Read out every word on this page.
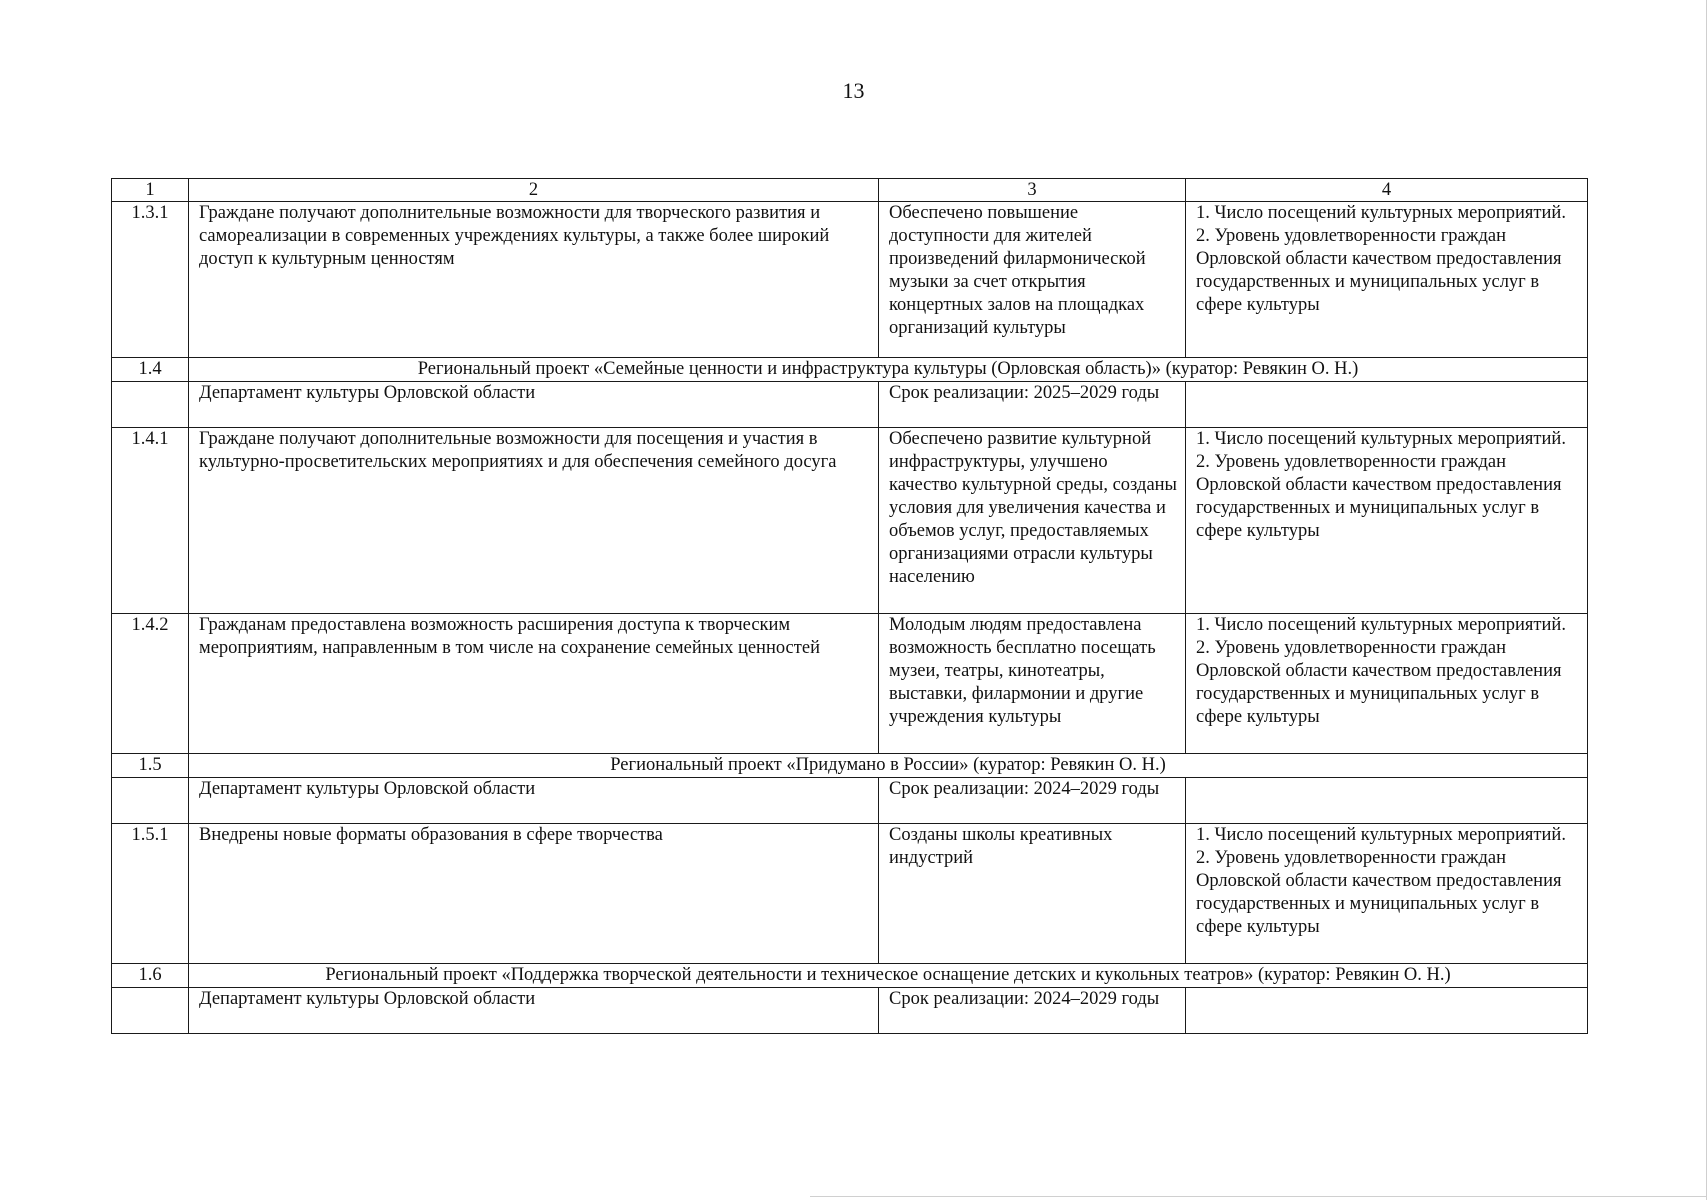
13
1	2	3	4
1.3.1	Граждане получают дополнительные возможности для творческого развития и самореализации в современных учреждениях культуры, а также более широкий доступ к культурным ценностям	Обеспечено повышение доступности для жителей произведений филармонической музыки за счет открытия концертных залов на площадках организаций культуры	1. Число посещений культурных мероприятий.
2. Уровень удовлетворенности граждан Орловской области качеством предоставления государственных и муниципальных услуг в сфере культуры

1.4	Региональный проект «Семейные ценности и инфраструктура культуры (Орловская область)» (куратор: Ревякин О. Н.)		
	Департамент культуры Орловской области	Срок реализации: 2025–2029 годы	
1.4.1	Граждане получают дополнительные возможности для посещения и участия в культурно-просветительских мероприятиях и для обеспечения семейного досуга	Обеспечено развитие культурной инфраструктуры, улучшено качество культурной среды, созданы условия для увеличения качества и объемов услуг, предоставляемых организациями отрасли культуры населению	1. Число посещений культурных мероприятий.
2. Уровень удовлетворенности граждан Орловской области качеством предоставления государственных и муниципальных услуг в сфере культуры

1.4.2	Гражданам предоставлена возможность расширения доступа к творческим мероприятиям, направленным в том числе на сохранение семейных ценностей	Молодым людям предоставлена возможность бесплатно посещать музеи, театры, кинотеатры, выставки, филармонии и другие учреждения культуры	1. Число посещений культурных мероприятий.
2. Уровень удовлетворенности граждан Орловской области качеством предоставления государственных и муниципальных услуг в сфере культуры

1.5	Региональный проект «Придумано в России» (куратор: Ревякин О. Н.)		
	Департамент культуры Орловской области	Срок реализации: 2024–2029 годы	
1.5.1	Внедрены новые форматы образования в сфере творчества	Созданы школы креативных индустрий	1. Число посещений культурных мероприятий.
2. Уровень удовлетворенности граждан Орловской области качеством предоставления государственных и муниципальных услуг в сфере культуры

1.6	Региональный проект «Поддержка творческой деятельности и техническое оснащение детских и кукольных театров» (куратор: Ревякин О. Н.)		
	Департамент культуры Орловской области	Срок реализации: 2024–2029 годы	
